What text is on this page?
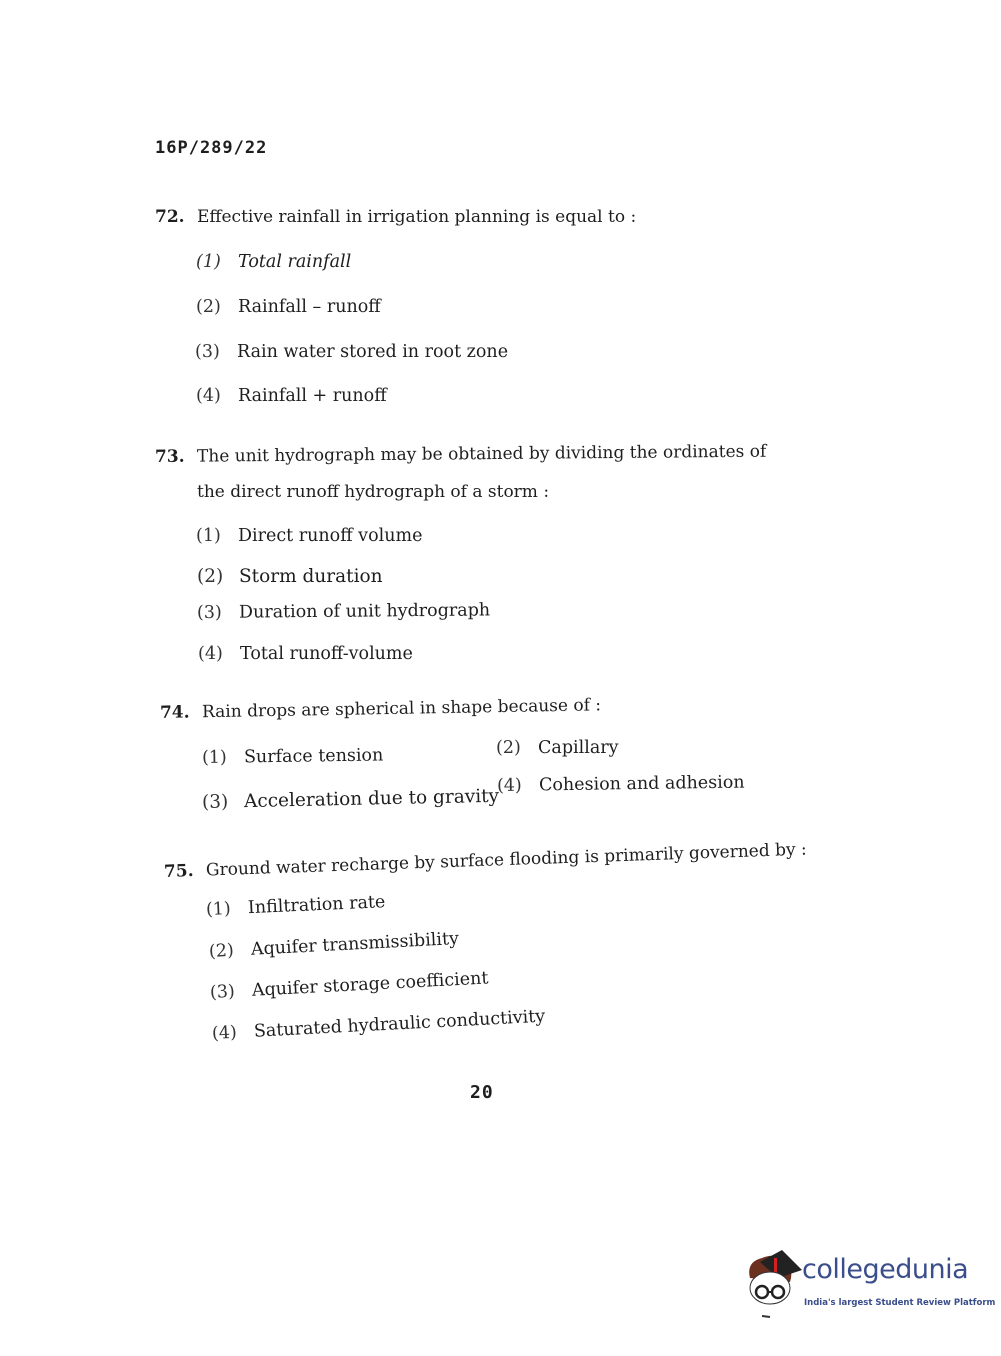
16P/289/22
72. Effective rainfall in irrigation planning is equal to :
(1) Total rainfall
(2) Rainfall – runoff
(3) Rain water stored in root zone
(4) Rainfall + runoff
73. The unit hydrograph may be obtained by dividing the ordinates of
the direct runoff hydrograph of a storm :
(1) Direct runoff volume
(2) Storm duration
(3) Duration of unit hydrograph
(4) Total runoff-volume
74. Rain drops are spherical in shape because of :
(1) Surface tension	(2) Capillary
(3) Acceleration due to gravity
(4) Cohesion and adhesion
75. Ground water recharge by surface flooding is primarily governed by :
(1) Infiltration rate
(2) Aquifer transmissibility
(3) Aquifer storage coefficient
(4) Saturated hydraulic conductivity
20
collegedunia
India's largest Student Review Platform
